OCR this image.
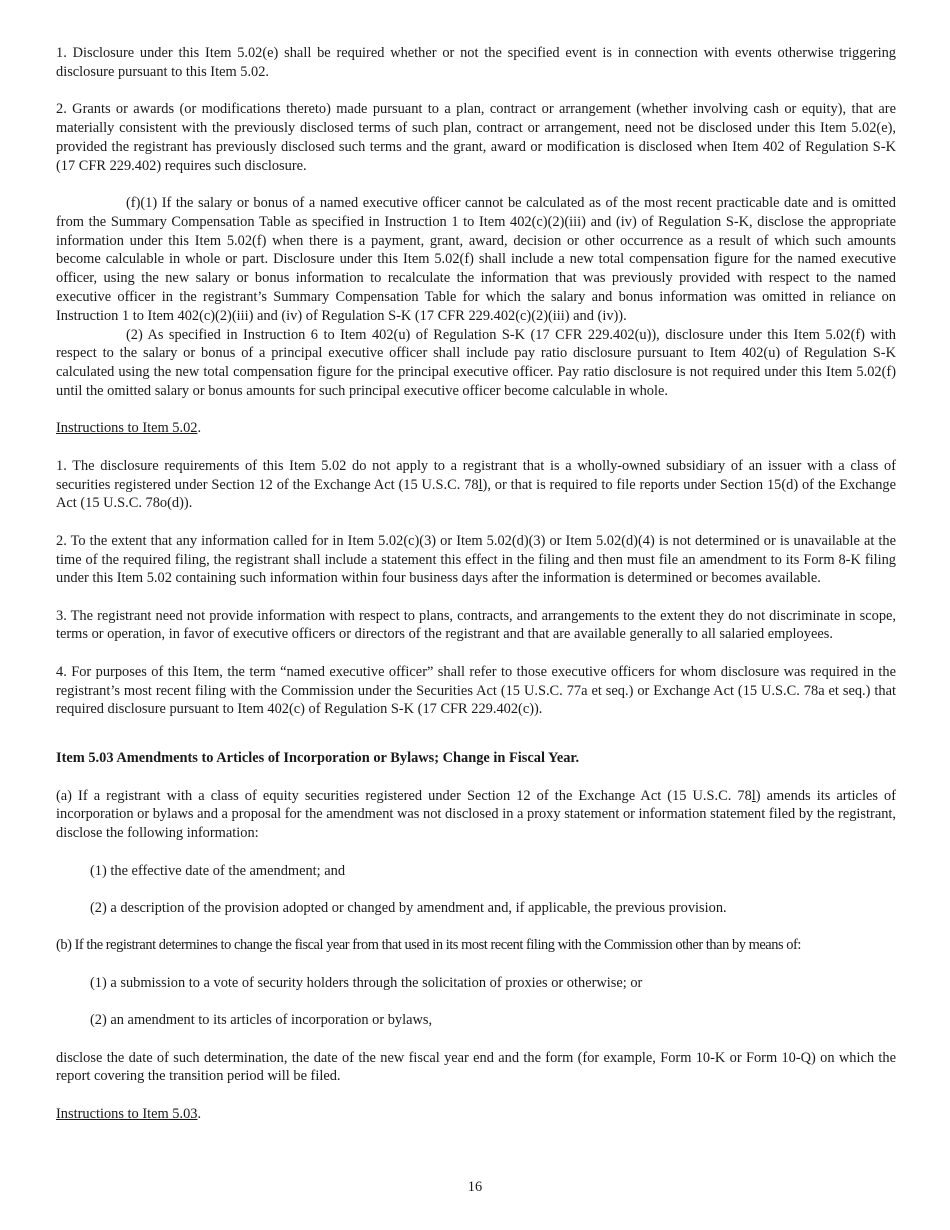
1. Disclosure under this Item 5.02(e) shall be required whether or not the specified event is in connection with events otherwise triggering disclosure pursuant to this Item 5.02.

2. Grants or awards (or modifications thereto) made pursuant to a plan, contract or arrangement (whether involving cash or equity), that are materially consistent with the previously disclosed terms of such plan, contract or arrangement, need not be disclosed under this Item 5.02(e), provided the registrant has previously disclosed such terms and the grant, award or modification is disclosed when Item 402 of Regulation S-K (17 CFR 229.402) requires such disclosure.

(f)(1) If the salary or bonus of a named executive officer cannot be calculated as of the most recent practicable date and is omitted from the Summary Compensation Table as specified in Instruction 1 to Item 402(c)(2)(iii) and (iv) of Regulation S-K, disclose the appropriate information under this Item 5.02(f) when there is a payment, grant, award, decision or other occurrence as a result of which such amounts become calculable in whole or part. Disclosure under this Item 5.02(f) shall include a new total compensation figure for the named executive officer, using the new salary or bonus information to recalculate the information that was previously provided with respect to the named executive officer in the registrant’s Summary Compensation Table for which the salary and bonus information was omitted in reliance on Instruction 1 to Item 402(c)(2)(iii) and (iv) of Regulation S-K (17 CFR 229.402(c)(2)(iii) and (iv)).

(2) As specified in Instruction 6 to Item 402(u) of Regulation S-K (17 CFR 229.402(u)), disclosure under this Item 5.02(f) with respect to the salary or bonus of a principal executive officer shall include pay ratio disclosure pursuant to Item 402(u) of Regulation S-K calculated using the new total compensation figure for the principal executive officer. Pay ratio disclosure is not required under this Item 5.02(f) until the omitted salary or bonus amounts for such principal executive officer become calculable in whole.

Instructions to Item 5.02.

1. The disclosure requirements of this Item 5.02 do not apply to a registrant that is a wholly-owned subsidiary of an issuer with a class of securities registered under Section 12 of the Exchange Act (15 U.S.C. 78l), or that is required to file reports under Section 15(d) of the Exchange Act (15 U.S.C. 78o(d)).

2. To the extent that any information called for in Item 5.02(c)(3) or Item 5.02(d)(3) or Item 5.02(d)(4) is not determined or is unavailable at the time of the required filing, the registrant shall include a statement this effect in the filing and then must file an amendment to its Form 8-K filing under this Item 5.02 containing such information within four business days after the information is determined or becomes available.

3. The registrant need not provide information with respect to plans, contracts, and arrangements to the extent they do not discriminate in scope, terms or operation, in favor of executive officers or directors of the registrant and that are available generally to all salaried employees.

4. For purposes of this Item, the term “named executive officer” shall refer to those executive officers for whom disclosure was required in the registrant’s most recent filing with the Commission under the Securities Act (15 U.S.C. 77a et seq.) or Exchange Act (15 U.S.C. 78a et seq.) that required disclosure pursuant to Item 402(c) of Regulation S-K (17 CFR 229.402(c)).

Item 5.03 Amendments to Articles of Incorporation or Bylaws; Change in Fiscal Year.

(a) If a registrant with a class of equity securities registered under Section 12 of the Exchange Act (15 U.S.C. 78l) amends its articles of incorporation or bylaws and a proposal for the amendment was not disclosed in a proxy statement or information statement filed by the registrant, disclose the following information:

(1) the effective date of the amendment; and

(2) a description of the provision adopted or changed by amendment and, if applicable, the previous provision.

(b) If the registrant determines to change the fiscal year from that used in its most recent filing with the Commission other than by means of:

(1) a submission to a vote of security holders through the solicitation of proxies or otherwise; or

(2) an amendment to its articles of incorporation or bylaws,

disclose the date of such determination, the date of the new fiscal year end and the form (for example, Form 10-K or Form 10-Q) on which the report covering the transition period will be filed.

Instructions to Item 5.03.

16
